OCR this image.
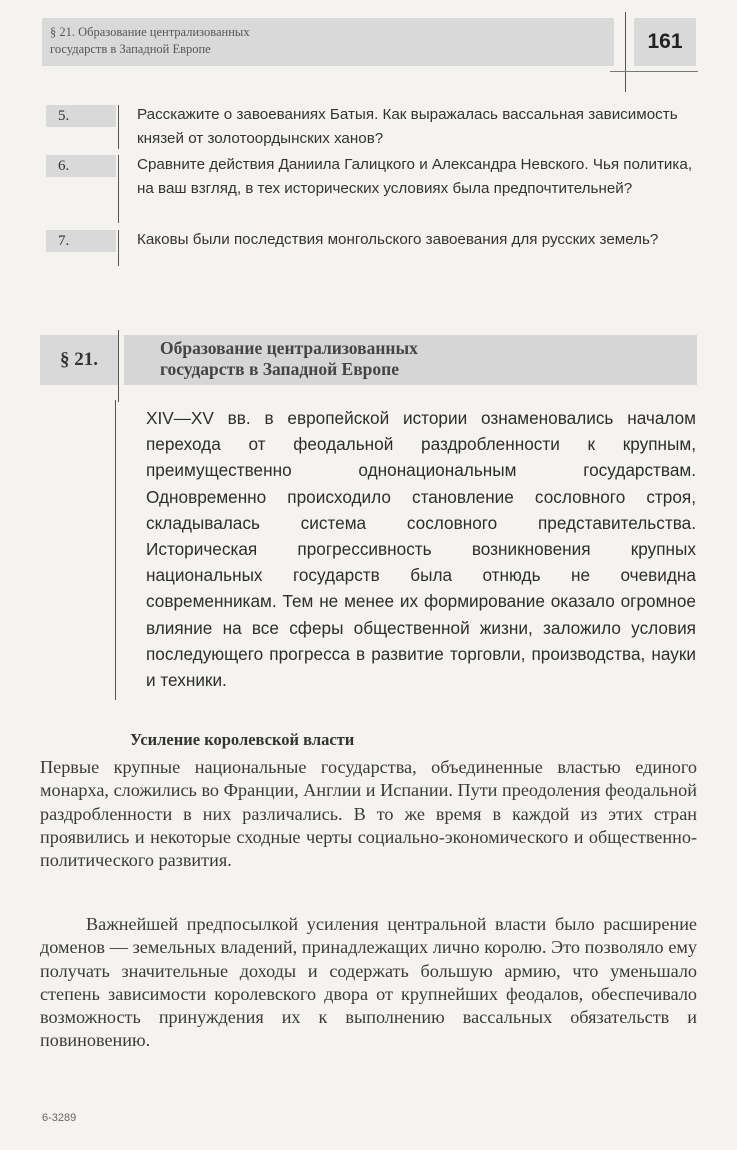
§ 21. Образование централизованных
государств в Западной Европе	161
5.	Расскажите о завоеваниях Батыя. Как выражалась вассальная зависимость князей от золотоордынских ханов?
6.	Сравните действия Даниила Галицкого и Александра Невского. Чья политика, на ваш взгляд, в тех исторических условиях была предпочтительней?
7.	Каковы были последствия монгольского завоевания для русских земель?
§ 21.
Образование централизованных
государств в Западной Европе
XIV—XV вв. в европейской истории ознаменовались началом перехода от феодальной раздробленности к крупным, преимущественно однонациональным государствам. Одновременно происходило становление сословного строя, складывалась система сословного представительства. Историческая прогрессивность возникновения крупных национальных государств была отнюдь не очевидна современникам. Тем не менее их формирование оказало огромное влияние на все сферы общественной жизни, заложило условия последующего прогресса в развитие торговли, производства, науки и техники.
Усиление королевской власти

Первые крупные национальные государства, объединенные властью единого монарха, сложились во Франции, Англии и Испании. Пути преодоления феодальной раздробленности в них различались. В то же время в каждой из этих стран проявились и некоторые сходные черты социально-экономического и общественно-политического развития.

Важнейшей предпосылкой усиления центральной власти было расширение доменов — земельных владений, принадлежащих лично королю. Это позволяло ему получать значительные доходы и содержать большую армию, что уменьшало степень зависимости королевского двора от крупнейших феодалов, обеспечивало возможность принуждения их к выполнению вассальных обязательств и повиновению.

6-3289
